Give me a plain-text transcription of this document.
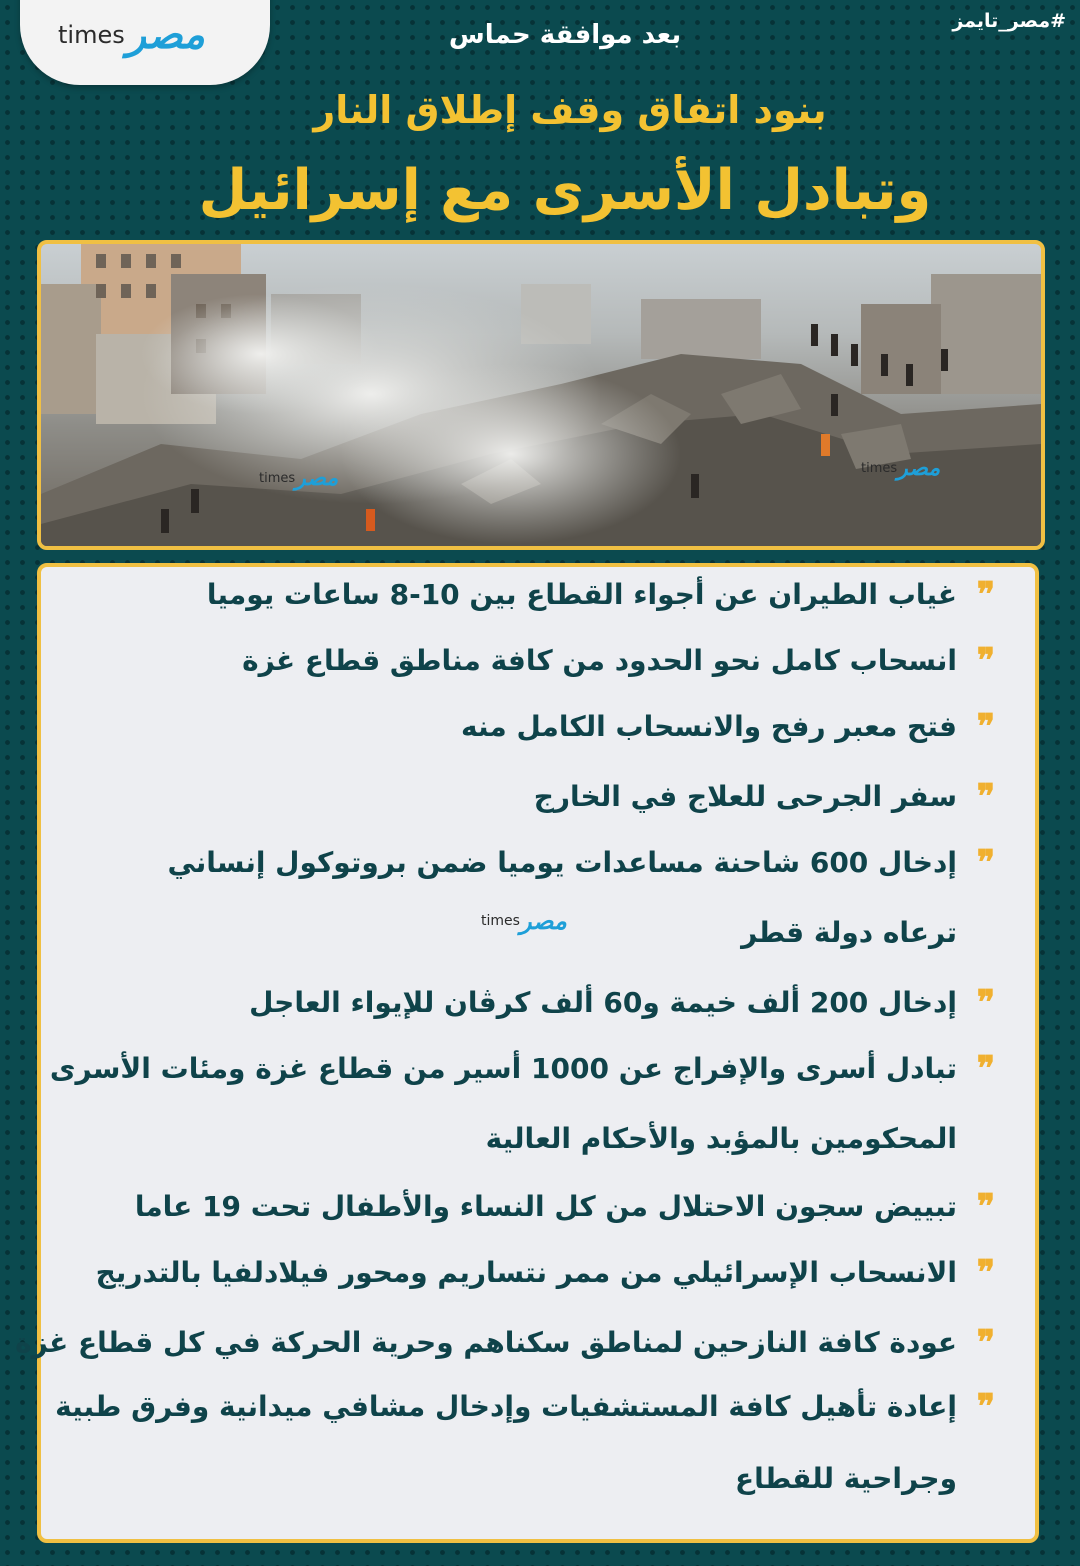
times مصر	#مصر_تايمز
بعد موافقة حماس
بنود اتفاق وقف إطلاق النار
وتبادل الأسرى مع إسرائيل
times مصر	times مصر
❞غياب الطيران عن أجواء القطاع بين 10-8 ساعات يوميا
❞انسحاب كامل نحو الحدود من كافة مناطق قطاع غزة
❞فتح معبر رفح والانسحاب الكامل منه
❞سفر الجرحى للعلاج في الخارج
❞إدخال 600 شاحنة مساعدات يوميا ضمن بروتوكول إنساني
ترعاه دولة قطر
times مصر
❞إدخال 200 ألف خيمة و60 ألف كرڤان للإيواء العاجل
❞تبادل أسرى والإفراج عن 1000 أسير من قطاع غزة ومئات الأسرى
المحكومين بالمؤبد والأحكام العالية
❞تبييض سجون الاحتلال من كل النساء والأطفال تحت 19 عاما
❞الانسحاب الإسرائيلي من ممر نتساريم ومحور فيلادلفيا بالتدريج
❞عودة كافة النازحين لمناطق سكناهم وحرية الحركة في كل قطاع غزة
❞إعادة تأهيل كافة المستشفيات وإدخال مشافي ميدانية وفرق طبية
وجراحية للقطاع
